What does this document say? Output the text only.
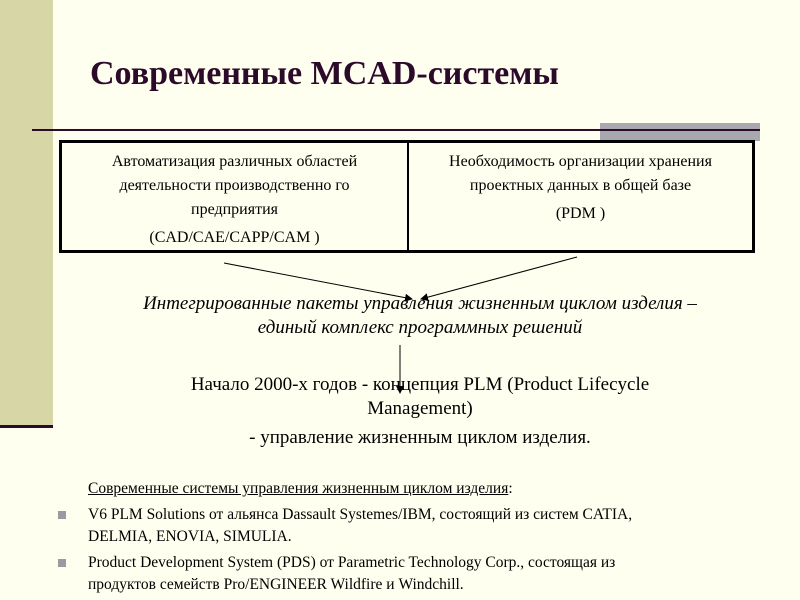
Современные MCAD-системы
Автоматизация различных областей
деятельности производственно го
предприятия
(CAD/CAE/CAPP/CAM )
Необходимость организации хранения
проектных данных в общей базе
(PDM )
Интегрированные пакеты управления жизненным циклом изделия –
единый комплекс программных решений
Начало 2000-х годов - концепция PLM (Product Lifecycle
Management)
- управление жизненным циклом изделия.
Современные системы управления жизненным циклом изделия:
V6 PLM Solutions от альянса Dassault Systemes/IBM, состоящий из систем CATIA,
DELMIA, ENOVIA, SIMULIA.
Product Development System (PDS) от Parametric Technology Corp., состоящая из
продуктов семейств Pro/ENGINEER Wildfire и Windchill.
